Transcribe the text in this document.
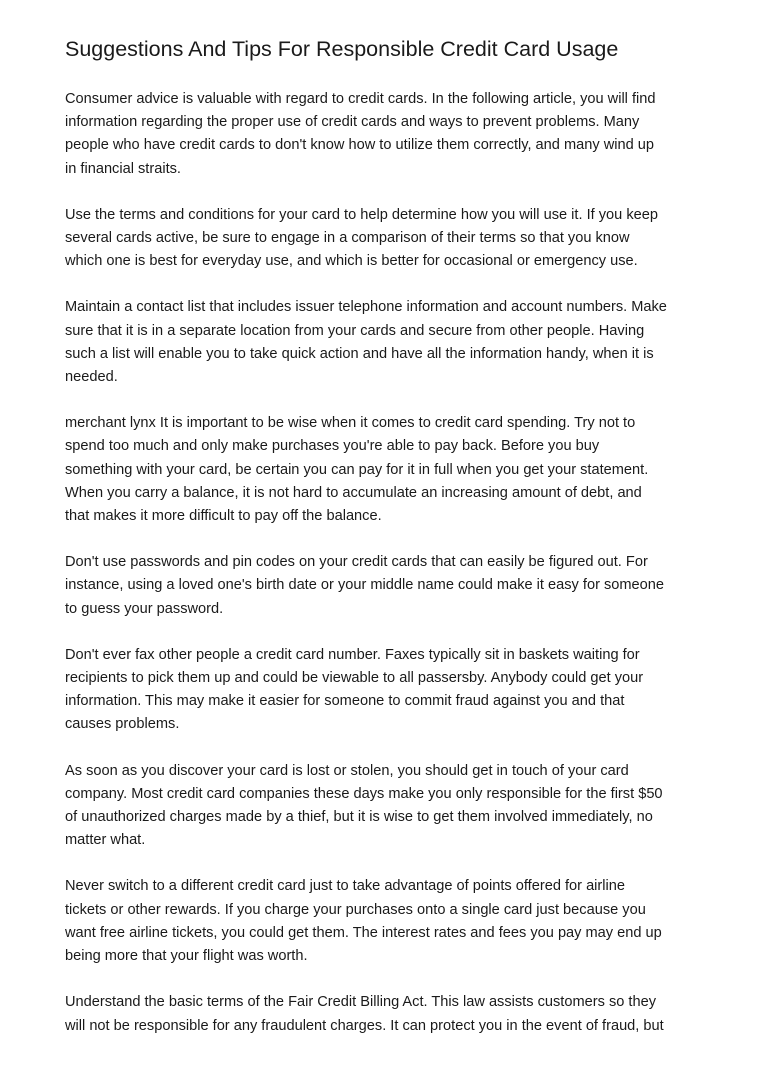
Suggestions And Tips For Responsible Credit Card Usage
Consumer advice is valuable with regard to credit cards. In the following article, you will find
information regarding the proper use of credit cards and ways to prevent problems. Many
people who have credit cards to don't know how to utilize them correctly, and many wind up
in financial straits.
Use the terms and conditions for your card to help determine how you will use it. If you keep
several cards active, be sure to engage in a comparison of their terms so that you know
which one is best for everyday use, and which is better for occasional or emergency use.
Maintain a contact list that includes issuer telephone information and account numbers. Make
sure that it is in a separate location from your cards and secure from other people. Having
such a list will enable you to take quick action and have all the information handy, when it is
needed.
merchant lynx It is important to be wise when it comes to credit card spending. Try not to
spend too much and only make purchases you're able to pay back. Before you buy
something with your card, be certain you can pay for it in full when you get your statement.
When you carry a balance, it is not hard to accumulate an increasing amount of debt, and
that makes it more difficult to pay off the balance.
Don't use passwords and pin codes on your credit cards that can easily be figured out. For
instance, using a loved one's birth date or your middle name could make it easy for someone
to guess your password.
Don't ever fax other people a credit card number. Faxes typically sit in baskets waiting for
recipients to pick them up and could be viewable to all passersby. Anybody could get your
information. This may make it easier for someone to commit fraud against you and that
causes problems.
As soon as you discover your card is lost or stolen, you should get in touch of your card
company. Most credit card companies these days make you only responsible for the first $50
of unauthorized charges made by a thief, but it is wise to get them involved immediately, no
matter what.
Never switch to a different credit card just to take advantage of points offered for airline
tickets or other rewards. If you charge your purchases onto a single card just because you
want free airline tickets, you could get them. The interest rates and fees you pay may end up
being more that your flight was worth.
Understand the basic terms of the Fair Credit Billing Act. This law assists customers so they
will not be responsible for any fraudulent charges. It can protect you in the event of fraud, but
